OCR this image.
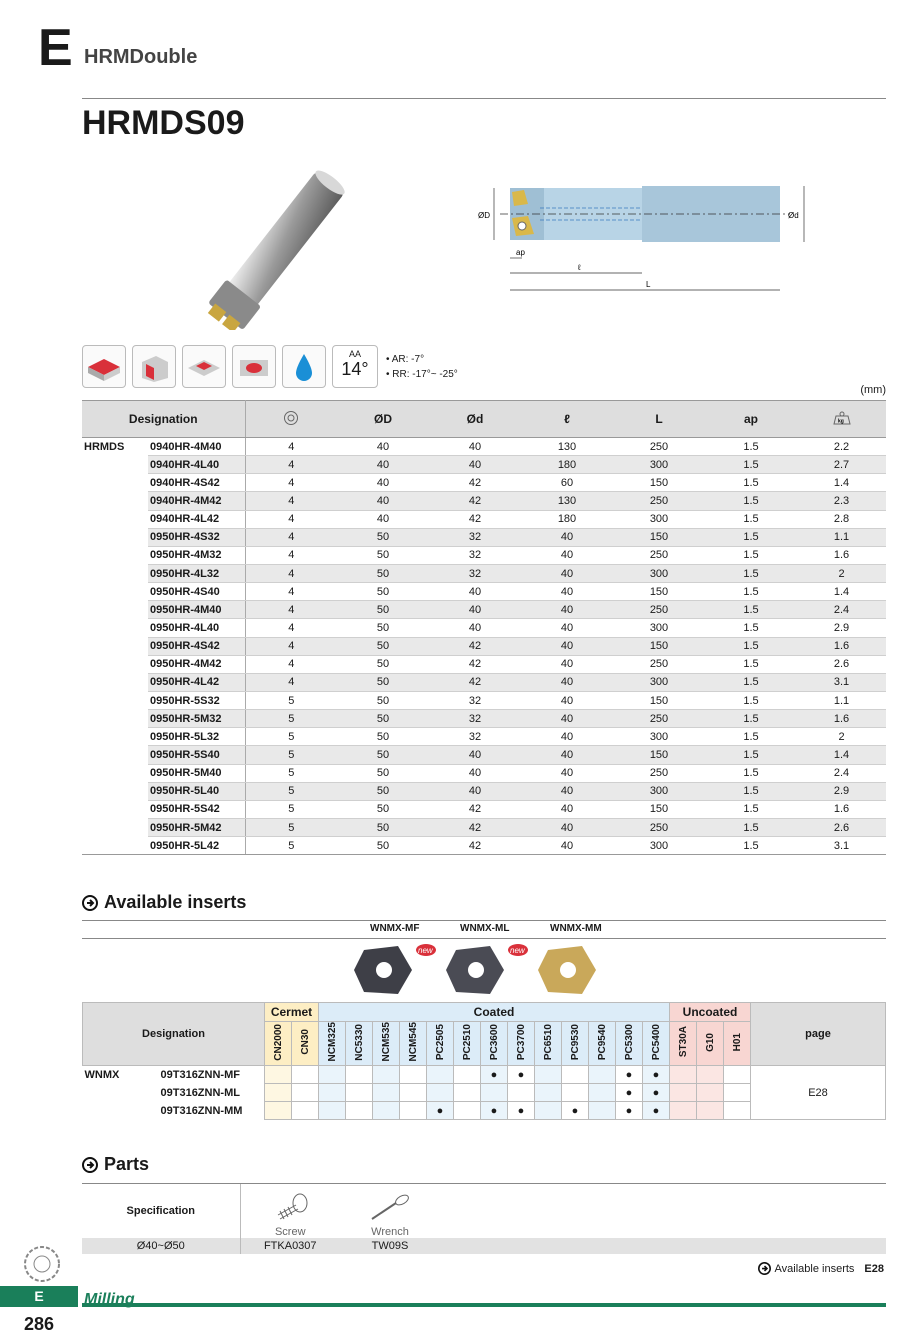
E HRMDouble
HRMDS09
ØD	Ød
ap
ℓ
L
AA
14°	• AR: -7°
• RR: -17°~ -25°
(mm)
Designation			ØD	Ød	ℓ	L	ap	kg

HRMDS	0940HR-4M40	4	40	40	130	250	1.5	2.2
	0940HR-4L40	4	40	40	180	300	1.5	2.7
	0940HR-4S42	4	40	42	60	150	1.5	1.4
	0940HR-4M42	4	40	42	130	250	1.5	2.3
	0940HR-4L42	4	40	42	180	300	1.5	2.8
	0950HR-4S32	4	50	32	40	150	1.5	1.1
	0950HR-4M32	4	50	32	40	250	1.5	1.6
	0950HR-4L32	4	50	32	40	300	1.5	2
	0950HR-4S40	4	50	40	40	150	1.5	1.4
	0950HR-4M40	4	50	40	40	250	1.5	2.4
	0950HR-4L40	4	50	40	40	300	1.5	2.9
	0950HR-4S42	4	50	42	40	150	1.5	1.6
	0950HR-4M42	4	50	42	40	250	1.5	2.6
	0950HR-4L42	4	50	42	40	300	1.5	3.1
	0950HR-5S32	5	50	32	40	150	1.5	1.1
	0950HR-5M32	5	50	32	40	250	1.5	1.6
	0950HR-5L32	5	50	32	40	300	1.5	2
	0950HR-5S40	5	50	40	40	150	1.5	1.4
	0950HR-5M40	5	50	40	40	250	1.5	2.4
	0950HR-5L40	5	50	40	40	300	1.5	2.9
	0950HR-5S42	5	50	42	40	150	1.5	1.6
	0950HR-5M42	5	50	42	40	250	1.5	2.6
	0950HR-5L42	5	50	42	40	300	1.5	3.1
Available inserts
WNMX-MF	WNMX-ML	WNMX-MM
new	new
Designation	Cermet		Coated													Uncoated			page
	CN2000	CN30	NCM325	NC5330	NCM535	NCM545	PC2505	PC2510	PC3600	PC3700	PC6510	PC9530	PC9540	PC5300	PC5400	ST30A	G10	H01	
WNMX 09T316ZNN-MF									●	●				●	●				E28
09T316ZNN-ML														●	●				
09T316ZNN-MM							●		●	●		●		●	●				
Parts
Specification	Screw	Wrench	

Ø40~Ø50	FTKA0307	TW09S	
Available inserts E28
E	Milling
286
